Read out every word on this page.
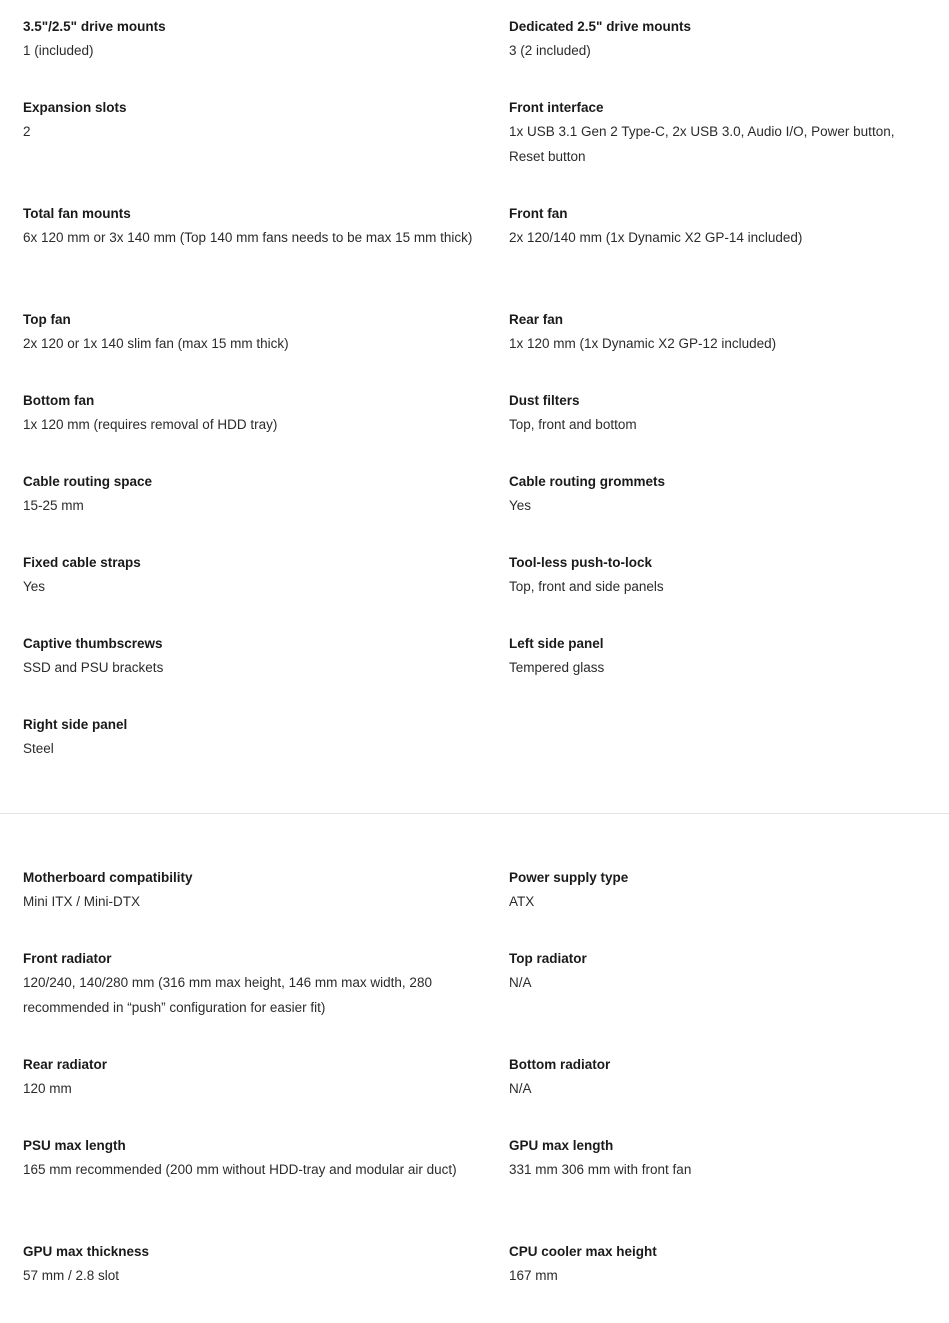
3.5"/2.5" drive mounts
1 (included)
Dedicated 2.5" drive mounts
3 (2 included)
Expansion slots
2
Front interface
1x USB 3.1 Gen 2 Type-C, 2x USB 3.0, Audio I/O, Power button, Reset button
Total fan mounts
6x 120 mm or 3x 140 mm (Top 140 mm fans needs to be max 15 mm thick)
Front fan
2x 120/140 mm (1x Dynamic X2 GP-14 included)
Top fan
2x 120 or 1x 140 slim fan (max 15 mm thick)
Rear fan
1x 120 mm (1x Dynamic X2 GP-12 included)
Bottom fan
1x 120 mm (requires removal of HDD tray)
Dust filters
Top, front and bottom
Cable routing space
15-25 mm
Cable routing grommets
Yes
Fixed cable straps
Yes
Tool-less push-to-lock
Top, front and side panels
Captive thumbscrews
SSD and PSU brackets
Left side panel
Tempered glass
Right side panel
Steel
Motherboard compatibility
Mini ITX / Mini-DTX
Power supply type
ATX
Front radiator
120/240, 140/280 mm (316 mm max height, 146 mm max width, 280 recommended in “push” configuration for easier fit)
Top radiator
N/A
Rear radiator
120 mm
Bottom radiator
N/A
PSU max length
165 mm recommended (200 mm without HDD-tray and modular air duct)
GPU max length
331 mm 306 mm with front fan
GPU max thickness
57 mm / 2.8 slot
CPU cooler max height
167 mm
